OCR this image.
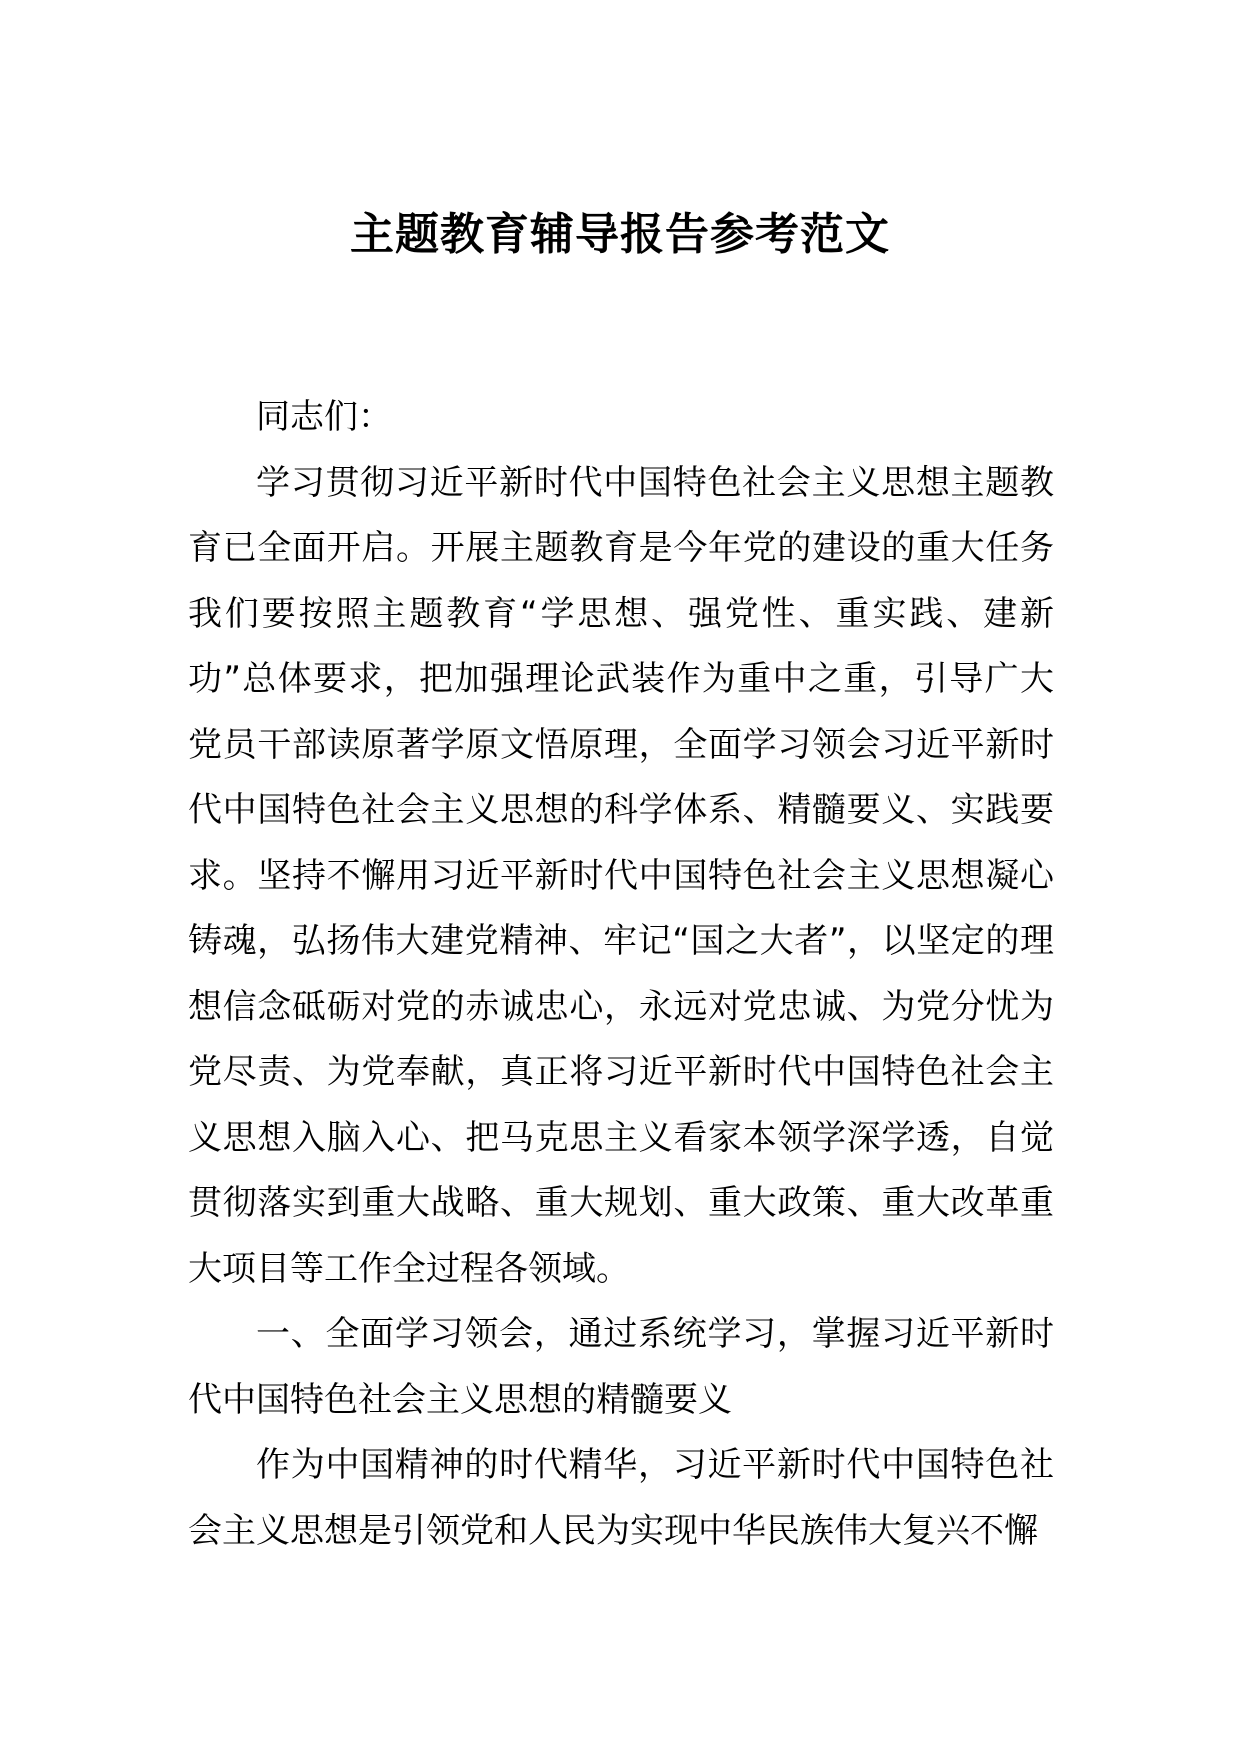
主题教育辅导报告参考范文

同志们：

学习贯彻习近平新时代中国特色社会主义思想主题教育已全面开启。开展主题教育是今年党的建设的重大任务我们要按照主题教育“学思想、强党性、重实践、建新功”总体要求，把加强理论武装作为重中之重，引导广大党员干部读原著学原文悟原理，全面学习领会习近平新时代中国特色社会主义思想的科学体系、精髓要义、实践要求。坚持不懈用习近平新时代中国特色社会主义思想凝心铸魂，弘扬伟大建党精神、牢记“国之大者”，以坚定的理想信念砥砺对党的赤诚忠心，永远对党忠诚、为党分忧为党尽责、为党奉献，真正将习近平新时代中国特色社会主义思想入脑入心、把马克思主义看家本领学深学透，自觉贯彻落实到重大战略、重大规划、重大政策、重大改革重大项目等工作全过程各领域。

一、全面学习领会，通过系统学习，掌握习近平新时代中国特色社会主义思想的精髓要义

作为中国精神的时代精华，习近平新时代中国特色社会主义思想是引领党和人民为实现中华民族伟大复兴不懈
